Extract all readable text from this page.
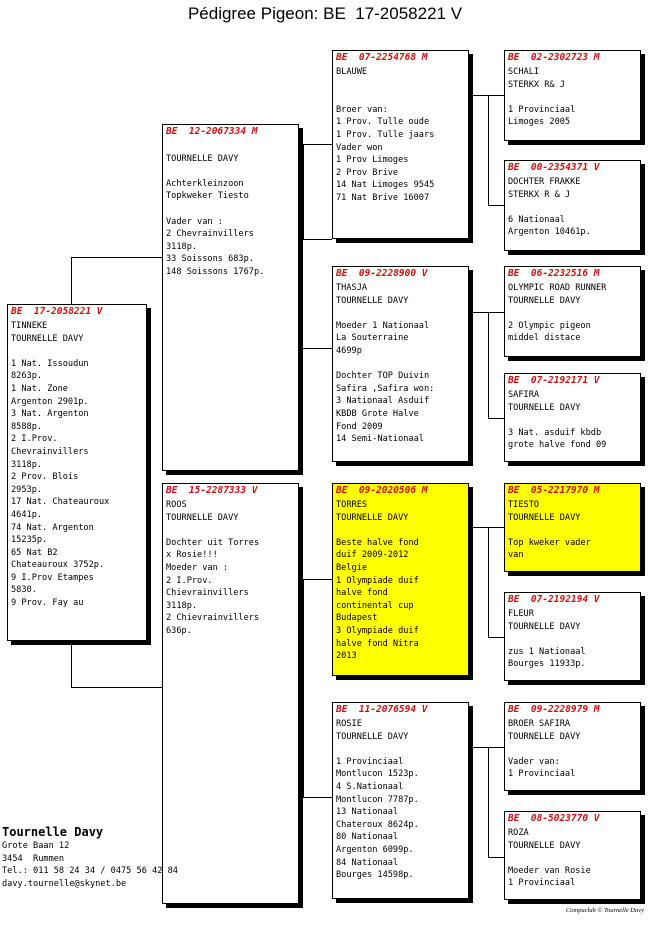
Pédigree Pigeon: BE  17-2058221 V
BE  17-2058221 V
TINNEKE
TOURNELLE DAVY

1 Nat. Issoudun
8263p.
1 Nat. Zone
Argenton 2901p.
3 Nat. Argenton
8588p.
2 I.Prov.
Chevrainvillers
3118p.
2 Prov. Blois
2953p.
17 Nat. Chateauroux
4641p.
74 Nat. Argenton
15235p.
65 Nat B2
Chateauroux 3752p.
9 I.Prov Etampes
5830.
9 Prov. Fay au
BE  12-2067334 M

TOURNELLE DAVY

Achterkleinzoon
Topkweker Tiesto

Vader van :
2 Chevrainvillers
3118p.
33 Soissons 683p.
148 Soissons 1767p.
BE  15-2287333 V
ROOS
TOURNELLE DAVY

Dochter uit Torres
x Rosie!!!
Moeder van :
2 I.Prov.
Chievrainvillers
3118p.
2 Chievrainvillers
636p.
BE  07-2254768 M
BLAUWE

Broer van:
1 Prov. Tulle oude
1 Prov. Tulle jaars
Vader won
1 Prov Limoges
2 Prov Brive
14 Nat Limoges 9545
71 Nat Brive 16007
BE  09-2228900 V
THASJA
TOURNELLE DAVY

Moeder 1 Nationaal
La Souterraine
4699p

Dochter TOP Duivin
Safira ,Safira won:
3 Nationaal Asduif
KBDB Grote Halve
Fond 2009
14 Semi-Nationaal
BE  09-2020506 M
TORRES
TOURNELLE DAVY

Beste halve fond
duif 2009-2012
Belgie
1 Olympiade duif
halve fond
continental cup
Budapest
3 Olympiade duif
halve fond Nitra
2013
BE  11-2076594 V
ROSIE
TOURNELLE DAVY

1 Provinciaal
Montlucon 1523p.
4 S.Nationaal
Montlucon 7787p.
13 Nationaal
Chateroux 8624p.
80 Nationaal
Argenton 6099p.
84 Nationaal
Bourges 14598p.
BE  02-2302723 M
SCHALI
STERKX R& J

1 Provinciaal
Limoges 2005
BE  00-2354371 V
DOCHTER FRAKKE
STERKX R & J

6 Nationaal
Argenton 10461p.
BE  06-2232516 M
OLYMPIC ROAD RUNNER
TOURNELLE DAVY

2 Olympic pigeon
middel distace
BE  07-2192171 V
SAFIRA
TOURNELLE DAVY

3 Nat. asduif kbdb
grote halve fond 09
BE  05-2217970 M
TIESTO
TOURNELLE DAVY

Top kweker vader
van
BE  07-2192194 V
FLEUR
TOURNELLE DAVY

zus 1 Nationaal
Bourges 11933p.
BE  09-2228979 M
BROER SAFIRA
TOURNELLE DAVY

Vader van:
1 Provinciaal
BE  08-5023770 V
ROZA
TOURNELLE DAVY

Moeder van Rosie
1 Provinciaal
Tournelle Davy
Grote Baan 12
3454  Rummen
Tel.: 011 58 24 34 / 0475 56 42 84
davy.tournelle@skynet.be
Compuclub © Tournelle Davy
